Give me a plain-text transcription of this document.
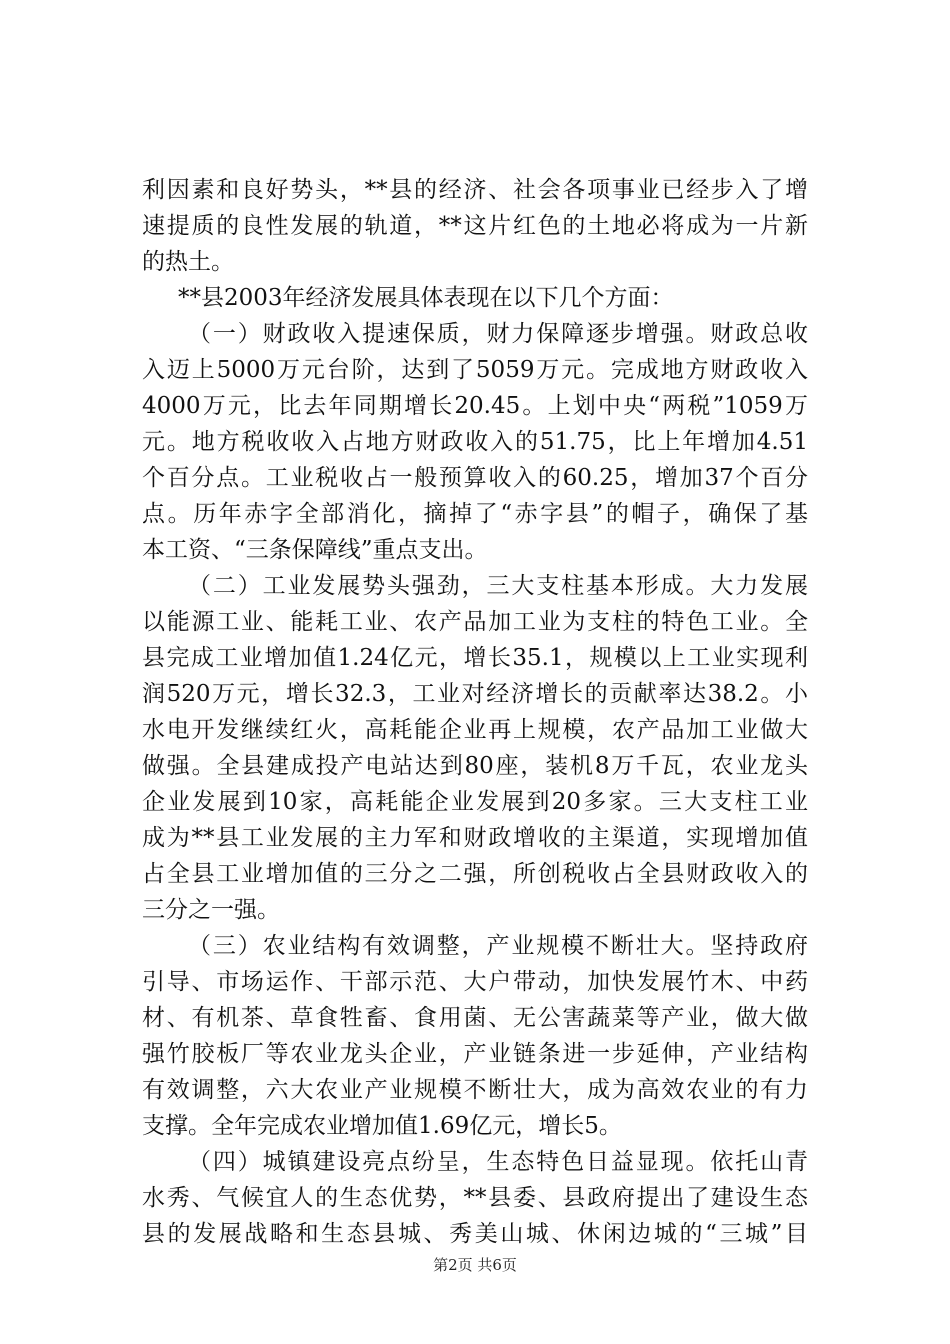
利因素和良好势头，**县的经济、社会各项事业已经步入了增
速提质的良性发展的轨道，**这片红色的土地必将成为一片新
的热土。
**县2003年经济发展具体表现在以下几个方面：
（一）财政收入提速保质，财力保障逐步增强。财政总收
入迈上5000万元台阶，达到了5059万元。完成地方财政收入
4000万元，比去年同期增长20.45。上划中央“两税”1059万
元。地方税收收入占地方财政收入的51.75，比上年增加4.51
个百分点。工业税收占一般预算收入的60.25，增加37个百分
点。历年赤字全部消化，摘掉了“赤字县”的帽子，确保了基
本工资、“三条保障线”重点支出。
（二）工业发展势头强劲，三大支柱基本形成。大力发展
以能源工业、能耗工业、农产品加工业为支柱的特色工业。全
县完成工业增加值1.24亿元，增长35.1，规模以上工业实现利
润520万元，增长32.3，工业对经济增长的贡献率达38.2。小
水电开发继续红火，高耗能企业再上规模，农产品加工业做大
做强。全县建成投产电站达到80座，装机8万千瓦，农业龙头
企业发展到10家，高耗能企业发展到20多家。三大支柱工业
成为**县工业发展的主力军和财政增收的主渠道，实现增加值
占全县工业增加值的三分之二强，所创税收占全县财政收入的
三分之一强。
（三）农业结构有效调整，产业规模不断壮大。坚持政府
引导、市场运作、干部示范、大户带动，加快发展竹木、中药
材、有机茶、草食牲畜、食用菌、无公害蔬菜等产业，做大做
强竹胶板厂等农业龙头企业，产业链条进一步延伸，产业结构
有效调整，六大农业产业规模不断壮大，成为高效农业的有力
支撑。全年完成农业增加值1.69亿元，增长5。
（四）城镇建设亮点纷呈，生态特色日益显现。依托山青
水秀、气候宜人的生态优势，**县委、县政府提出了建设生态
县的发展战略和生态县城、秀美山城、休闲边城的“三城”目
第2页 共6页
